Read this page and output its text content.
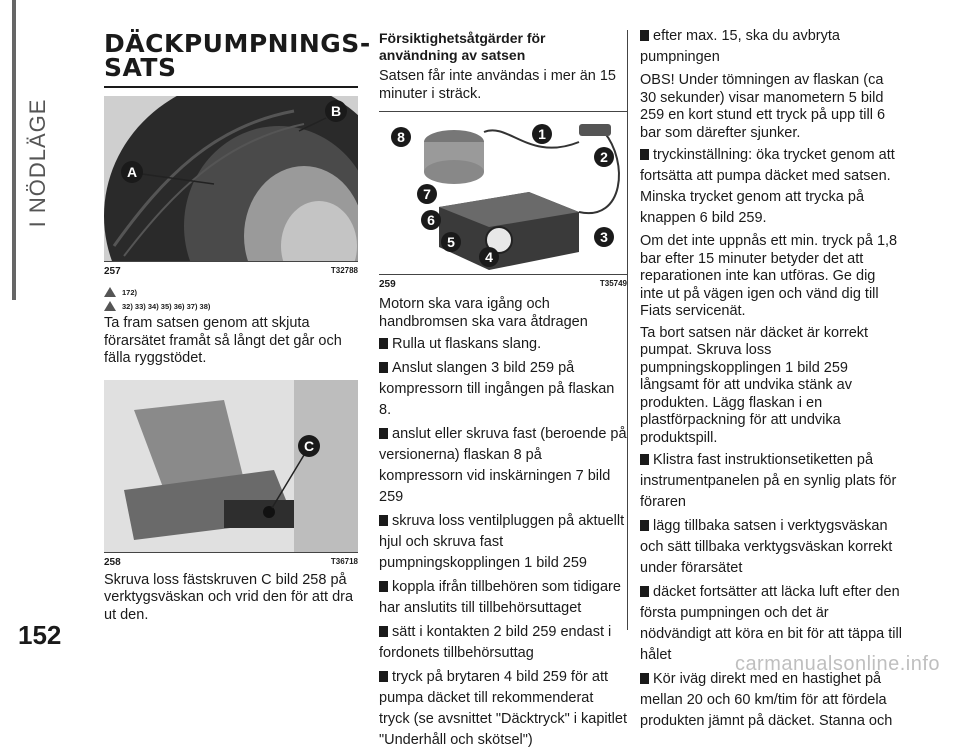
I NÖDLÄGE
152
DÄCKPUMPNINGS-
SATS
A
B
257	T32788
172)
32) 33) 34) 35) 36) 37) 38)

Ta fram satsen genom att skjuta förarsätet framåt så långt det går och fälla ryggstödet.

C
258	T36718

Skruva loss fästskruven C bild 258 på verktygsväskan och vrid den för att dra ut den.

Försiktighetsåtgärder för användning av satsen

Satsen får inte användas i mer än 15 minuter i sträck.

1
2
3
4
5
6
7
8
259	T35749

Motorn ska vara igång och handbromsen ska vara åtdragen

Rulla ut flaskans slang.

Anslut slangen 3 bild 259 på kompressorn till ingången på flaskan 8.

anslut eller skruva fast (beroende på versionerna) flaskan 8 på kompressorn vid inskärningen 7 bild 259

skruva loss ventilpluggen på aktuellt hjul och skruva fast pumpningskopplingen 1 bild 259

koppla ifrån tillbehören som tidigare har anslutits till tillbehörsuttaget

sätt i kontakten 2 bild 259 endast i fordonets tillbehörsuttag

tryck på brytaren 4 bild 259 för att pumpa däcket till rekommenderat tryck (se avsnittet "Däcktryck" i kapitlet "Underhåll och skötsel")

efter max. 15, ska du avbryta pumpningen

OBS! Under tömningen av flaskan (ca 30 sekunder) visar manometern 5 bild 259 en kort stund ett tryck på upp till 6 bar som därefter sjunker.

tryckinställning: öka trycket genom att fortsätta att pumpa däcket med satsen. Minska trycket genom att trycka på knappen 6 bild 259.

Om det inte uppnås ett min. tryck på 1,8 bar efter 15 minuter betyder det att reparationen inte kan utföras. Ge dig inte ut på vägen igen och vänd dig till Fiats servicenät.

Ta bort satsen när däcket är korrekt pumpat. Skruva loss pumpningskopplingen 1 bild 259 långsamt för att undvika stänk av produkten. Lägg flaskan i en plastförpackning för att undvika produktspill.

Klistra fast instruktionsetiketten på instrumentpanelen på en synlig plats för föraren

lägg tillbaka satsen i verktygsväskan och sätt tillbaka verktygsväskan korrekt under förarsätet

däcket fortsätter att läcka luft efter den första pumpningen och det är nödvändigt att köra en bit för att täppa till hålet

Kör iväg direkt med en hastighet på mellan 20 och 60 km/tim för att fördela produkten jämnt på däcket. Stanna och

carmanualsonline.info
